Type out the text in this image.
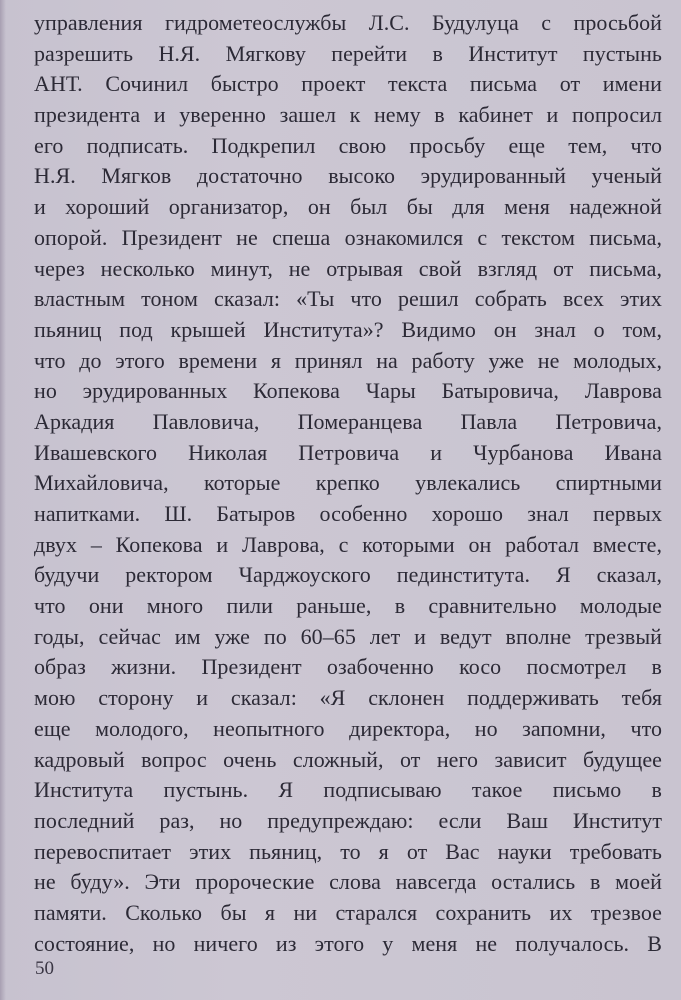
управления гидрометеослужбы Л.С. Будулуца с просьбой
разрешить Н.Я. Мягкову перейти в Институт пустынь
АНТ. Сочинил быстро проект текста письма от имени
президента и уверенно зашел к нему в кабинет и попросил
его подписать. Подкрепил свою просьбу еще тем, что
Н.Я. Мягков достаточно высоко эрудированный ученый
и хороший организатор, он был бы для меня надежной
опорой. Президент не спеша ознакомился с текстом письма,
через несколько минут, не отрывая свой взгляд от письма,
властным тоном сказал: «Ты что решил собрать всех этих
пьяниц под крышей Института»? Видимо он знал о том,
что до этого времени я принял на работу уже не молодых,
но эрудированных Копекова Чары Батыровича, Лаврова
Аркадия Павловича, Померанцева Павла Петровича,
Ивашевского Николая Петровича и Чурбанова Ивана
Михайловича, которые крепко увлекались спиртными
напитками. Ш. Батыров особенно хорошо знал первых
двух – Копекова и Лаврова, с которыми он работал вместе,
будучи ректором Чарджоуского пединститута. Я сказал,
что они много пили раньше, в сравнительно молодые
годы, сейчас им уже по 60–65 лет и ведут вполне трезвый
образ жизни. Президент озабоченно косо посмотрел в
мою сторону и сказал: «Я склонен поддерживать тебя
еще молодого, неопытного директора, но запомни, что
кадровый вопрос очень сложный, от него зависит будущее
Института пустынь. Я подписываю такое письмо в
последний раз, но предупреждаю: если Ваш Институт
перевоспитает этих пьяниц, то я от Вас науки требовать
не буду». Эти пророческие слова навсегда остались в моей
памяти. Сколько бы я ни старался сохранить их трезвое
состояние, но ничего из этого у меня не получалось. В
50
